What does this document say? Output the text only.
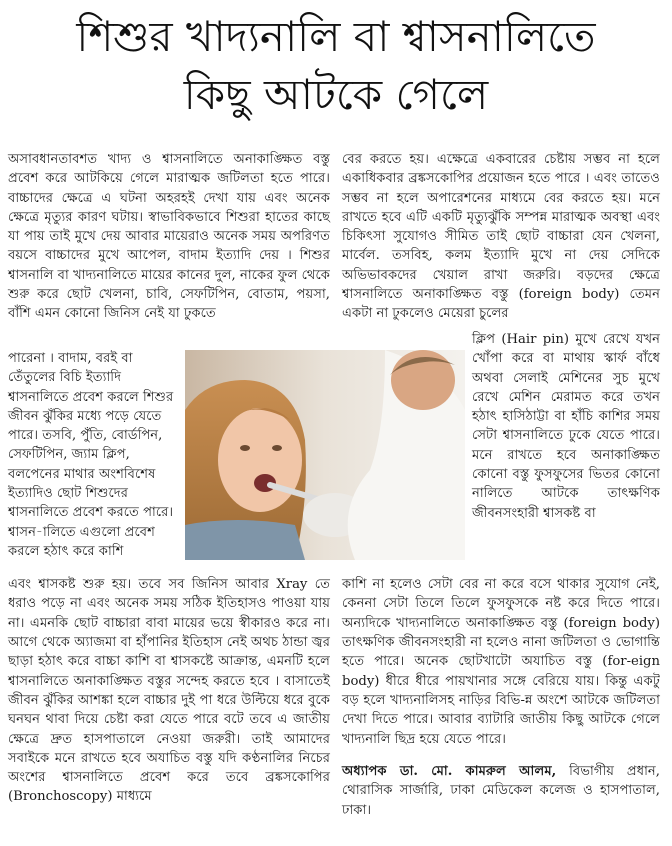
শিশুর খাদ্যনালি বা শ্বাসনালিতে
কিছু আটকে গেলে

অসাবধানতাবশত খাদ্য ও শ্বাসনালিতে অনাকাঙ্ক্ষিত বস্তু প্রবেশ করে আটকিয়ে গেলে মারাত্মক জটিলতা হতে পারে। বাচ্চাদের ক্ষেত্রে এ ঘটনা অহরহই দেখা যায় এবং অনেক ক্ষেত্রে মৃত্যুর কারণ ঘটায়। স্বাভাবিকভাবে শিশুরা হাতের কাছে যা পায় তাই মুখে দেয় আবার মায়েরাও অনেক সময় অপরিণত বয়সে বাচ্চাদের মুখে আপেল, বাদাম ইত্যাদি দেয় । শিশুর শ্বাসনালি বা খাদ্যনালিতে মায়ের কানের দুল, নাকের ফুল থেকে শুরু করে ছোট খেলনা, চাবি, সেফটিপিন, বোতাম, পয়সা, বাঁশি এমন কোনো জিনিস নেই যা ঢুকতে

পারেনা । বাদাম, বরই বা তেঁতুলের বিচি ইত্যাদি শ্বাসনালিতে প্রবেশ করলে শিশুর জীবন ঝুঁকির মধ্যে পড়ে যেতে পারে। তসবি, পুঁতি, বোর্ডপিন, সেফটিপিন, জ্যাম ক্লিপ, বলপেনের মাথার অংশবিশেষ ইত্যাদিও ছোট শিশুদের শ্বাসনালিতে প্রবেশ করতে পারে। শ্বাসন-ালিতে এগুলো প্রবেশ করলে হঠাৎ করে কাশি

বের করতে হয়। এক্ষেত্রে একবারের চেষ্টায় সম্ভব না হলে একাধিকবার ব্রঙ্কসকোপির প্রয়োজন হতে পারে । এবং তাতেও সম্ভব না হলে অপারেশনের মাধ্যমে বের করতে হয়। মনে রাখতে হবে এটি একটি মৃত্যুঝুঁকি সম্পন্ন মারাত্মক অবস্থা এবং চিকিৎসা সুযোগও সীমিত তাই ছোট বাচ্চারা যেন খেলনা, মার্বেল. তসবিহ, কলম ইত্যাদি মুখে না দেয় সেদিকে অভিভাবকদের খেয়াল রাখা জরুরি। বড়দের ক্ষেত্রে শ্বাসনালিতে অনাকাঙ্ক্ষিত বস্তু (foreign body) তেমন একটা না ঢুকলেও মেয়েরা চুলের

ক্লিপ (Hair pin) মুখে রেখে যখন খোঁপা করে বা মাথায় স্কার্ফ বাঁধে অথবা সেলাই মেশিনের সুচ মুখে রেখে মেশিন মেরামত করে তখন হঠাৎ হাসিঠাট্টা বা হাঁচি কাশির সময় সেটা শ্বাসনালিতে ঢুকে যেতে পারে। মনে রাখতে হবে অনাকাঙ্ক্ষিত কোনো বস্তু ফুসফুসের ভিতর কোনো নালিতে আটকে তাৎক্ষণিক জীবনসংহারী শ্বাসকষ্ট বা

এবং শ্বাসকষ্ট শুরু হয়। তবে সব জিনিস আবার Xray তে ধরাও পড়ে না এবং অনেক সময় সঠিক ইতিহাসও পাওয়া যায় না। এমনকি ছোট বাচ্চারা বাবা মায়ের ভয়ে স্বীকারও করে না। আগে থেকে অ্যাজমা বা হাঁপানির ইতিহাস নেই অথচ ঠান্ডা জ্বর ছাড়া হঠাৎ করে বাচ্চা কাশি বা শ্বাসকষ্টে আক্রান্ত, এমনটি হলে শ্বাসনালিতে অনাকাঙ্ক্ষিত বস্তুর সন্দেহ করতে হবে । বাসাতেই জীবন ঝুঁকির আশঙ্কা হলে বাচ্চার দুই পা ধরে উল্টিয়ে ধরে বুকে ঘনঘন থাবা দিয়ে চেষ্টা করা যেতে পারে বটে তবে এ জাতীয় ক্ষেত্রে দ্রুত হাসপাতালে নেওয়া জরুরী। তাই আমাদের সবাইকে মনে রাখতে হবে অযাচিত বস্তু যদি কণ্ঠনালির নিচের অংশের শ্বাসনালিতে প্রবেশ করে তবে ব্রঙ্কসকোপির (Bronchoscopy) মাধ্যমে

কাশি না হলেও সেটা বের না করে বসে থাকার সুযোগ নেই, কেননা সেটা তিলে তিলে ফুসফুসকে নষ্ট করে দিতে পারে। অন্যদিকে খাদ্যনালিতে অনাকাঙ্ক্ষিত বস্তু (foreign body) তাৎক্ষণিক জীবনসংহারী না হলেও নানা জটিলতা ও ভোগান্তি হতে পারে। অনেক ছোটখাটো অযাচিত বস্তু (for-eign body) ধীরে ধীরে পায়খানার সঙ্গে বেরিয়ে যায়। কিন্তু একটু বড় হলে খাদ্যনালিসহ নাড়ির বিভি-ন্ন অংশে আটকে জটিলতা দেখা দিতে পারে। আবার ব্যাটারি জাতীয় কিছু আটকে গেলে খাদ্যনালি ছিদ্র হয়ে যেতে পারে।

অধ্যাপক ডা. মো. কামরুল আলম, বিভাগীয় প্রধান, থোরাসিক সার্জারি, ঢাকা মেডিকেল কলেজ ও হাসপাতাল, ঢাকা।
